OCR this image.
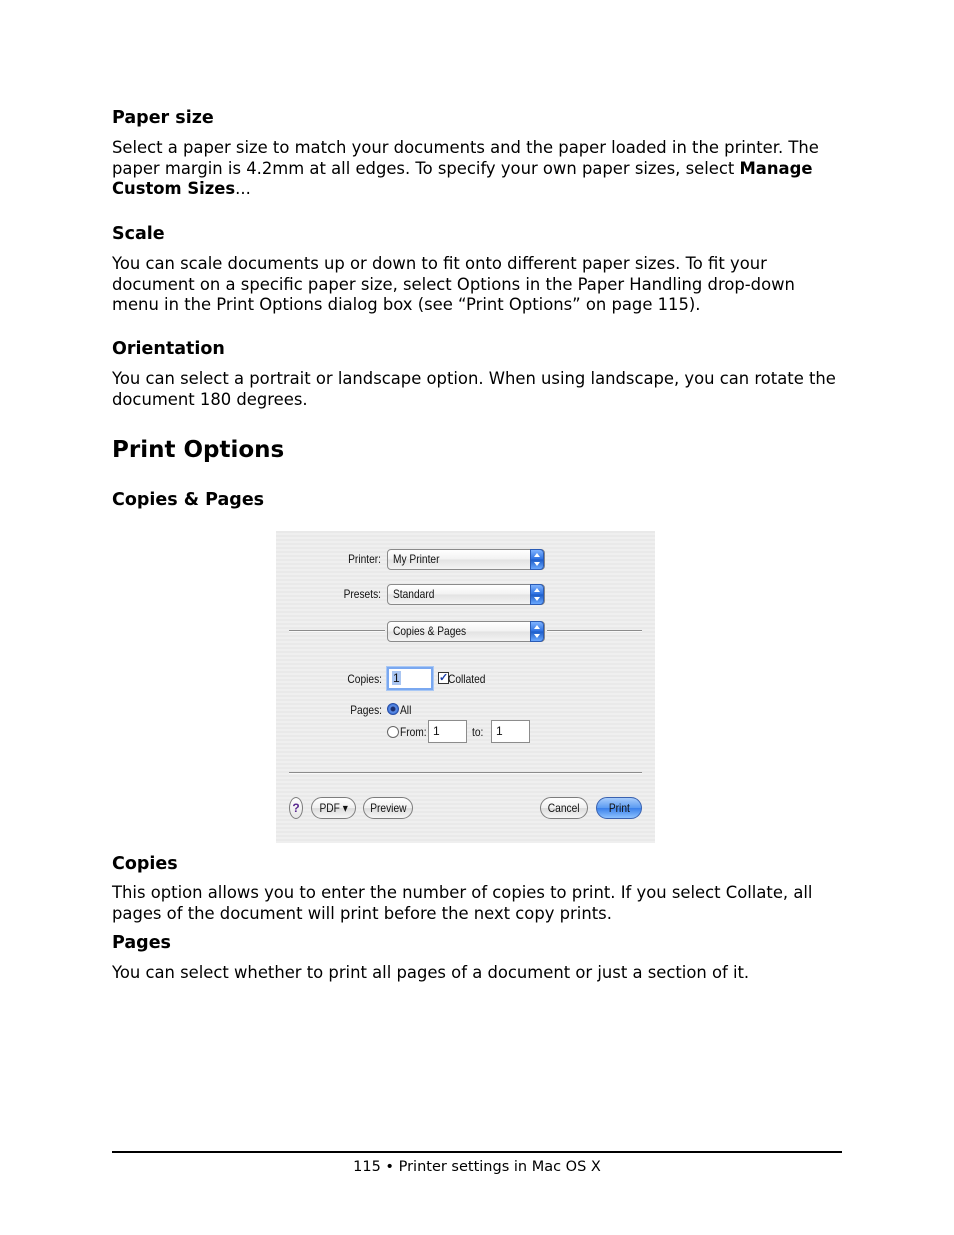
Paper size
Select a paper size to match your documents and the paper loaded in the printer. The paper margin is 4.2mm at all edges. To specify your own paper sizes, select Manage Custom Sizes...
Scale
You can scale documents up or down to fit onto different paper sizes. To fit your document on a specific paper size, select Options in the Paper Handling drop-down menu in the Print Options dialog box (see “Print Options” on page 115).
Orientation
You can select a portrait or landscape option. When using landscape, you can rotate the document 180 degrees.
Print Options
Copies & Pages
Printer:	My Printer
Presets:	Standard
Copies & Pages
Copies: 1	✓ Collated
Pages: All
From: 1	to:	1
?	PDF ▾	Preview	Cancel	Print
Copies
This option allows you to enter the number of copies to print. If you select Collate, all pages of the document will print before the next copy prints.
Pages
You can select whether to print all pages of a document or just a section of it.
115 • Printer settings in Mac OS X
